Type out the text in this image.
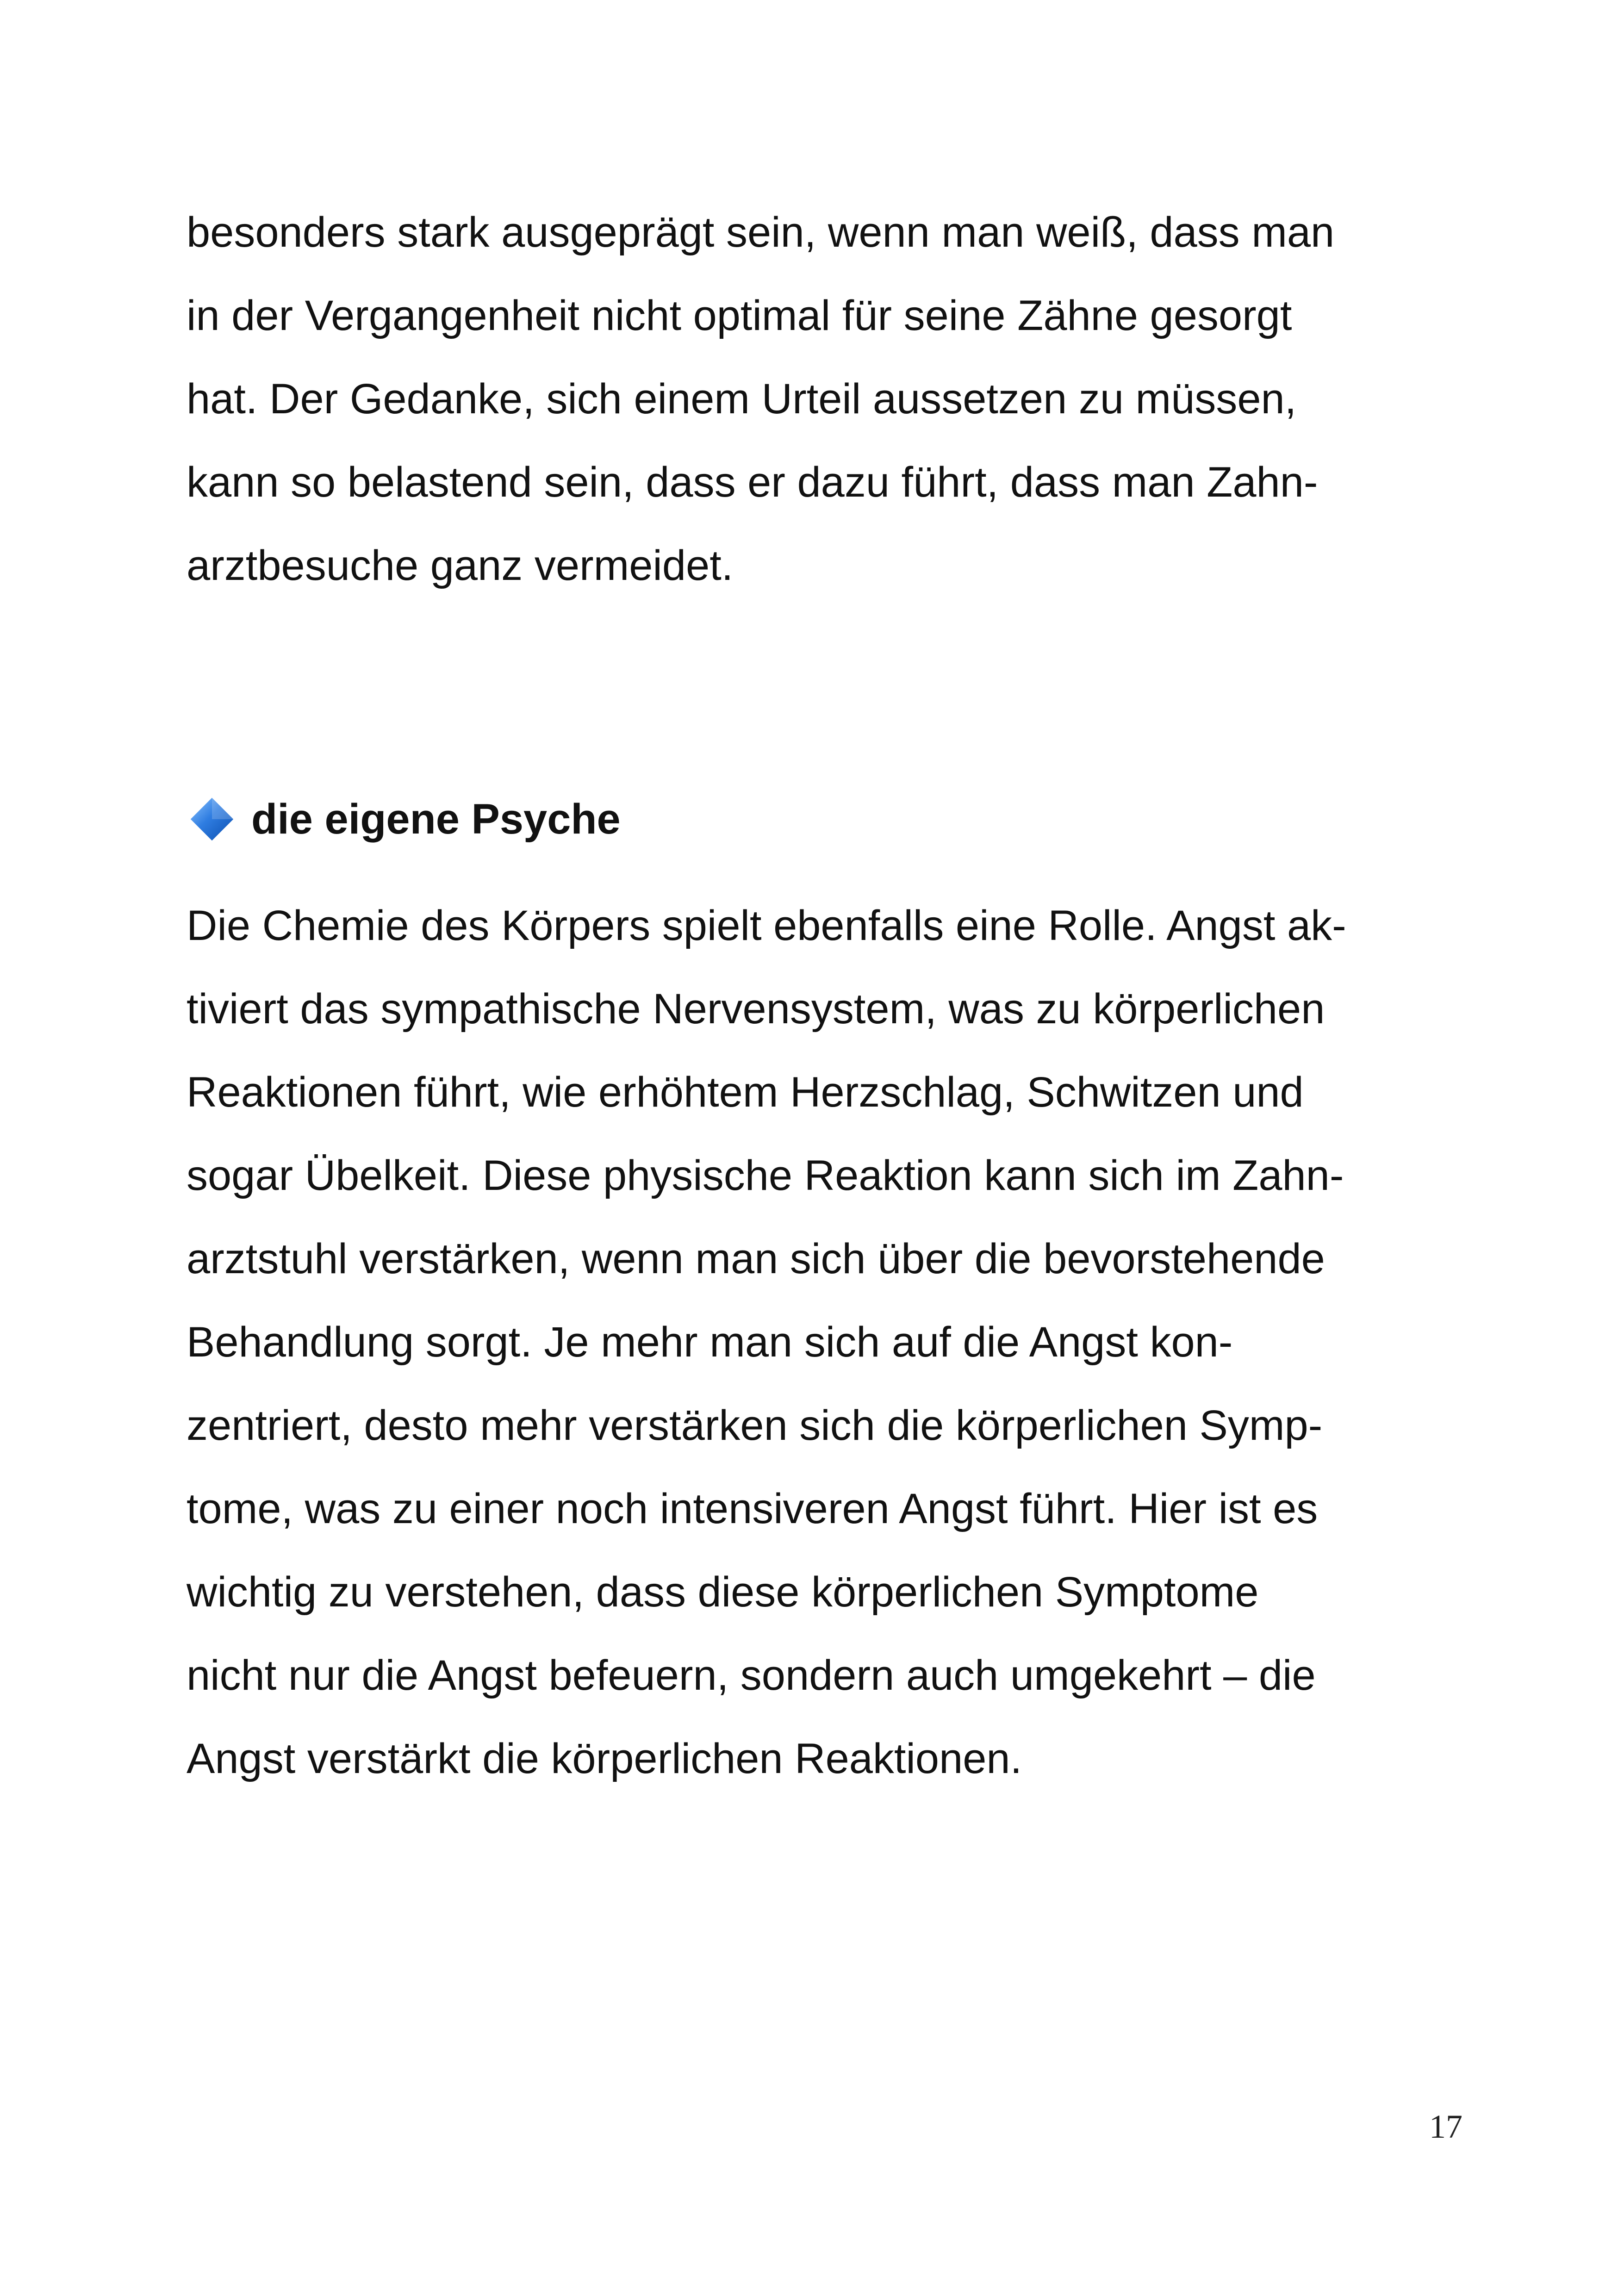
besonders stark ausgeprägt sein, wenn man weiß, dass man
in der Vergangenheit nicht optimal für seine Zähne gesorgt
hat. Der Gedanke, sich einem Urteil aussetzen zu müssen,
kann so belastend sein, dass er dazu führt, dass man Zahn-
arztbesuche ganz vermeidet.
die eigene Psyche
Die Chemie des Körpers spielt ebenfalls eine Rolle. Angst ak-
tiviert das sympathische Nervensystem, was zu körperlichen
Reaktionen führt, wie erhöhtem Herzschlag, Schwitzen und
sogar Übelkeit. Diese physische Reaktion kann sich im Zahn-
arztstuhl verstärken, wenn man sich über die bevorstehende
Behandlung sorgt. Je mehr man sich auf die Angst kon-
zentriert, desto mehr verstärken sich die körperlichen Symp-
tome, was zu einer noch intensiveren Angst führt. Hier ist es
wichtig zu verstehen, dass diese körperlichen Symptome
nicht nur die Angst befeuern, sondern auch umgekehrt – die
Angst verstärkt die körperlichen Reaktionen.
17
